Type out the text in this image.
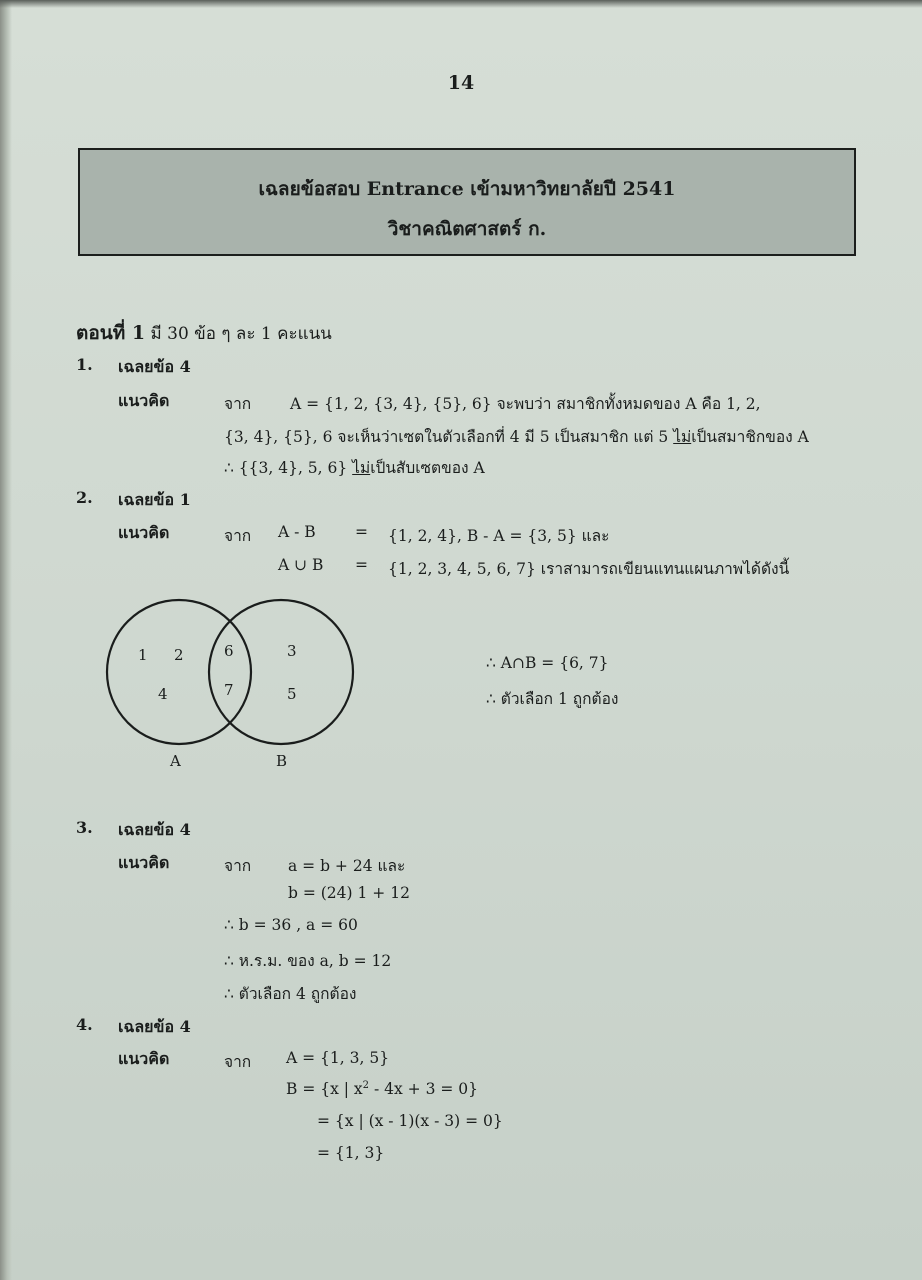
14
เฉลยข้อสอบ Entrance เข้ามหาวิทยาลัยปี 2541
วิชาคณิตศาสตร์ ก.
ตอนที่ 1 มี 30 ข้อ ๆ ละ 1 คะแนน
1. เฉลยข้อ 4
แนวคิด	จาก	A = {1, 2, {3, 4}, {5}, 6} จะพบว่า สมาชิกทั้งหมดของ A คือ 1, 2,
{3, 4}, {5}, 6 จะเห็นว่าเซตในตัวเลือกที่ 4 มี 5 เป็นสมาชิก แต่ 5 ไม่เป็นสมาชิกของ A
∴ {{3, 4}, 5, 6} ไม่เป็นสับเซตของ A
2. เฉลยข้อ 1
แนวคิด	จาก A - B	= {1, 2, 4}, B - A = {3, 5} และ
A ∪ B = {1, 2, 3, 4, 5, 6, 7} เราสามารถเขียนแทนแผนภาพได้ดังนี้
1 2
4
6
7
3
5
A	B
∴ A∩B = {6, 7}
∴ ตัวเลือก 1 ถูกต้อง
3. เฉลยข้อ 4
แนวคิด	จาก a = b + 24 และ
b = (24) 1 + 12
∴ b = 36 , a = 60
∴ ห.ร.ม. ของ a, b = 12
∴ ตัวเลือก 4 ถูกต้อง
4. เฉลยข้อ 4
แนวคิด	จาก A = {1, 3, 5}
B = {x | $x^2 - 4x + 3 = 0$}
= {x | (x - 1)(x - 3) = 0}
= {1, 3}
